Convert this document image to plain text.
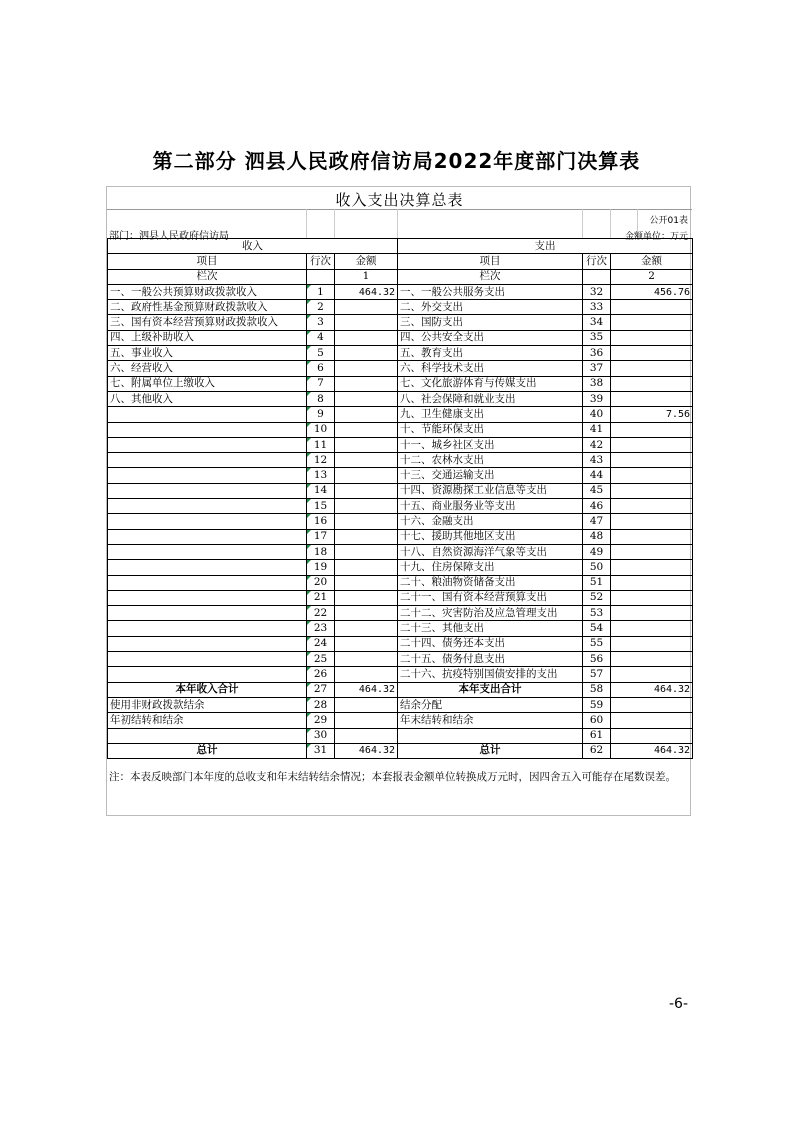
第二部分 泗县人民政府信访局2022年度部门决算表
收入支出决算总表
公开01表
部门：泗县人民政府信访局	金额单位：万元
收入			支出		
项目	行次	金额	项目	行次	金额
栏次		1	栏次		2
一、一般公共预算财政拨款收入	1	464.32	一、一般公共服务支出	32	456.76
二、政府性基金预算财政拨款收入	2		二、外交支出	33	
三、国有资本经营预算财政拨款收入	3		三、国防支出	34	
四、上级补助收入	4		四、公共安全支出	35	
五、事业收入	5		五、教育支出	36	
六、经营收入	6		六、科学技术支出	37	
七、附属单位上缴收入	7		七、文化旅游体育与传媒支出	38	
八、其他收入	8		八、社会保障和就业支出	39	
	9		九、卫生健康支出	40	7.56
	10		十、节能环保支出	41	
	11		十一、城乡社区支出	42	
	12		十二、农林水支出	43	
	13		十三、交通运输支出	44	
	14		十四、资源勘探工业信息等支出	45	
	15		十五、商业服务业等支出	46	
	16		十六、金融支出	47	
	17		十七、援助其他地区支出	48	
	18		十八、自然资源海洋气象等支出	49	
	19		十九、住房保障支出	50	
	20		二十、粮油物资储备支出	51	
	21		二十一、国有资本经营预算支出	52	
	22		二十二、灾害防治及应急管理支出	53	
	23		二十三、其他支出	54	
	24		二十四、债务还本支出	55	
	25		二十五、债务付息支出	56	
	26		二十六、抗疫特别国债安排的支出	57	
本年收入合计	27	464.32	本年支出合计	58	464.32
使用非财政拨款结余	28		结余分配	59	
年初结转和结余	29		年末结转和结余	60	
	30			61	
总计	31	464.32	总计	62	464.32
注：本表反映部门本年度的总收支和年末结转结余情况；本套报表金额单位转换成万元时，因四舍五入可能存在尾数误差。
-6-
